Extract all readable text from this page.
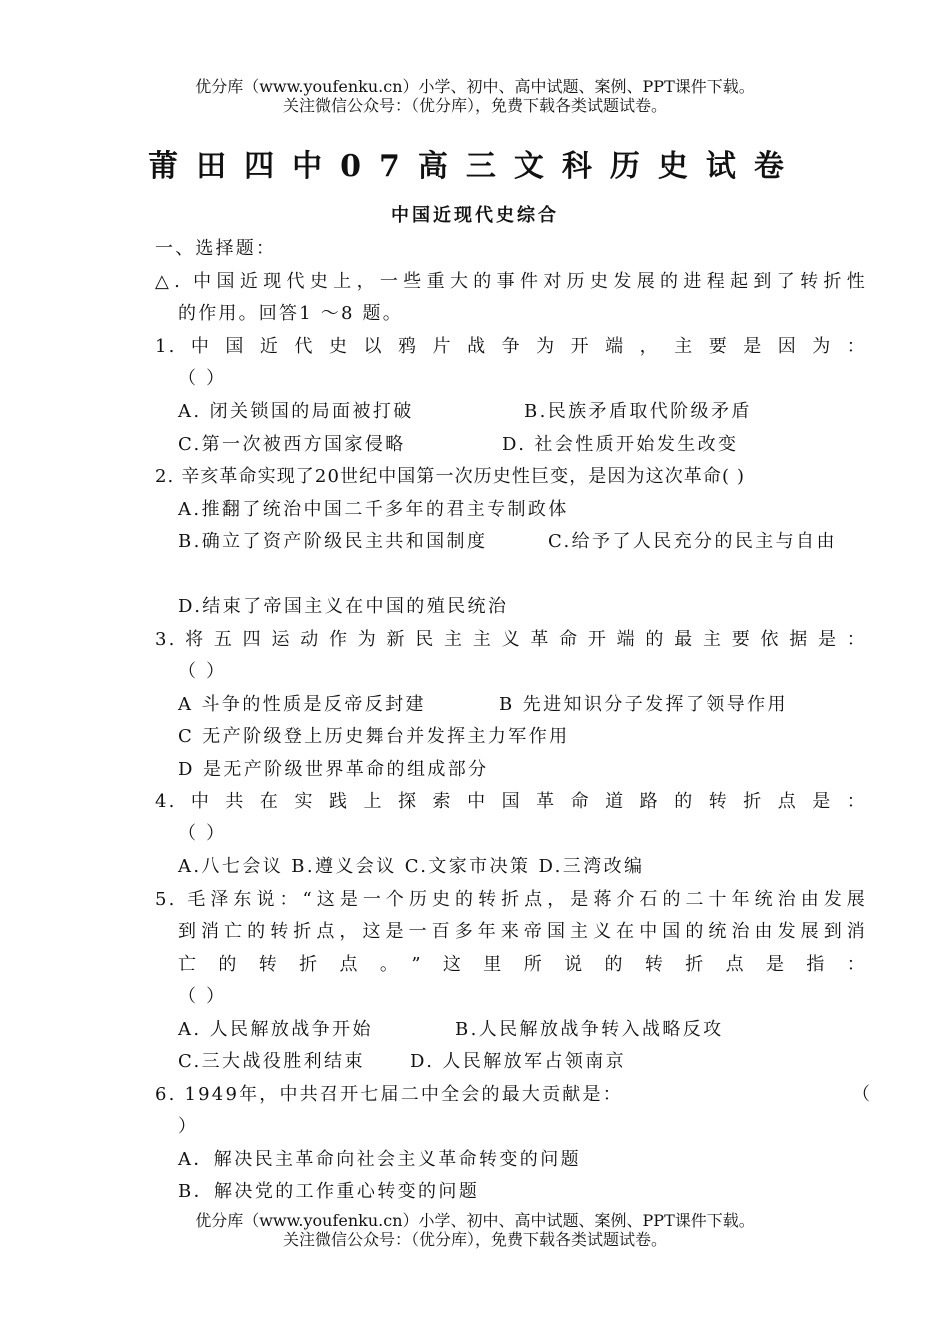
优分库（www.youfenku.cn）小学、初中、高中试题、案例、PPT课件下载。
关注微信公众号：（优分库），免费下载各类试题试卷。
莆田四中07高三文科历史试卷
中国近现代史综合
一、选择题：
△. 中国近现代史上，一些重大的事件对历史发展的进程起到了转折性
的作用。回答1 ～8 题。
1.中国近代史以鸦片战争为开端，主要是因为：
（ ）
A. 闭关锁国的局面被打破	B.民族矛盾取代阶级矛盾
C.第一次被西方国家侵略	D. 社会性质开始发生改变
2. 辛亥革命实现了20世纪中国第一次历史性巨变，是因为这次革命( )
A.推翻了统治中国二千多年的君主专制政体
B.确立了资产阶级民主共和国制度	C.给予了人民充分的民主与自由
D.结束了帝国主义在中国的殖民统治
3.将五四运动作为新民主主义革命开端的最主要依据是：
（ ）
A 斗争的性质是反帝反封建	B 先进知识分子发挥了领导作用
C 无产阶级登上历史舞台并发挥主力军作用
D 是无产阶级世界革命的组成部分
4.中共在实践上探索中国革命道路的转折点是：
（ ）
A.八七会议 B.遵义会议 C.文家市决策 D.三湾改编
5. 毛泽东说：“这是一个历史的转折点，是蒋介石的二十年统治由发展
到消亡的转折点，这是一百多年来帝国主义在中国的统治由发展到消
亡的转折点。”这里所说的转折点是指：
（ ）
A. 人民解放战争开始	B.人民解放战争转入战略反攻
C.三大战役胜利结束	D. 人民解放军占领南京
6. 1949年，中共召开七届二中全会的最大贡献是：	（
）
A．解决民主革命向社会主义革命转变的问题
B．解决党的工作重心转变的问题
优分库（www.youfenku.cn）小学、初中、高中试题、案例、PPT课件下载。
关注微信公众号：（优分库），免费下载各类试题试卷。
